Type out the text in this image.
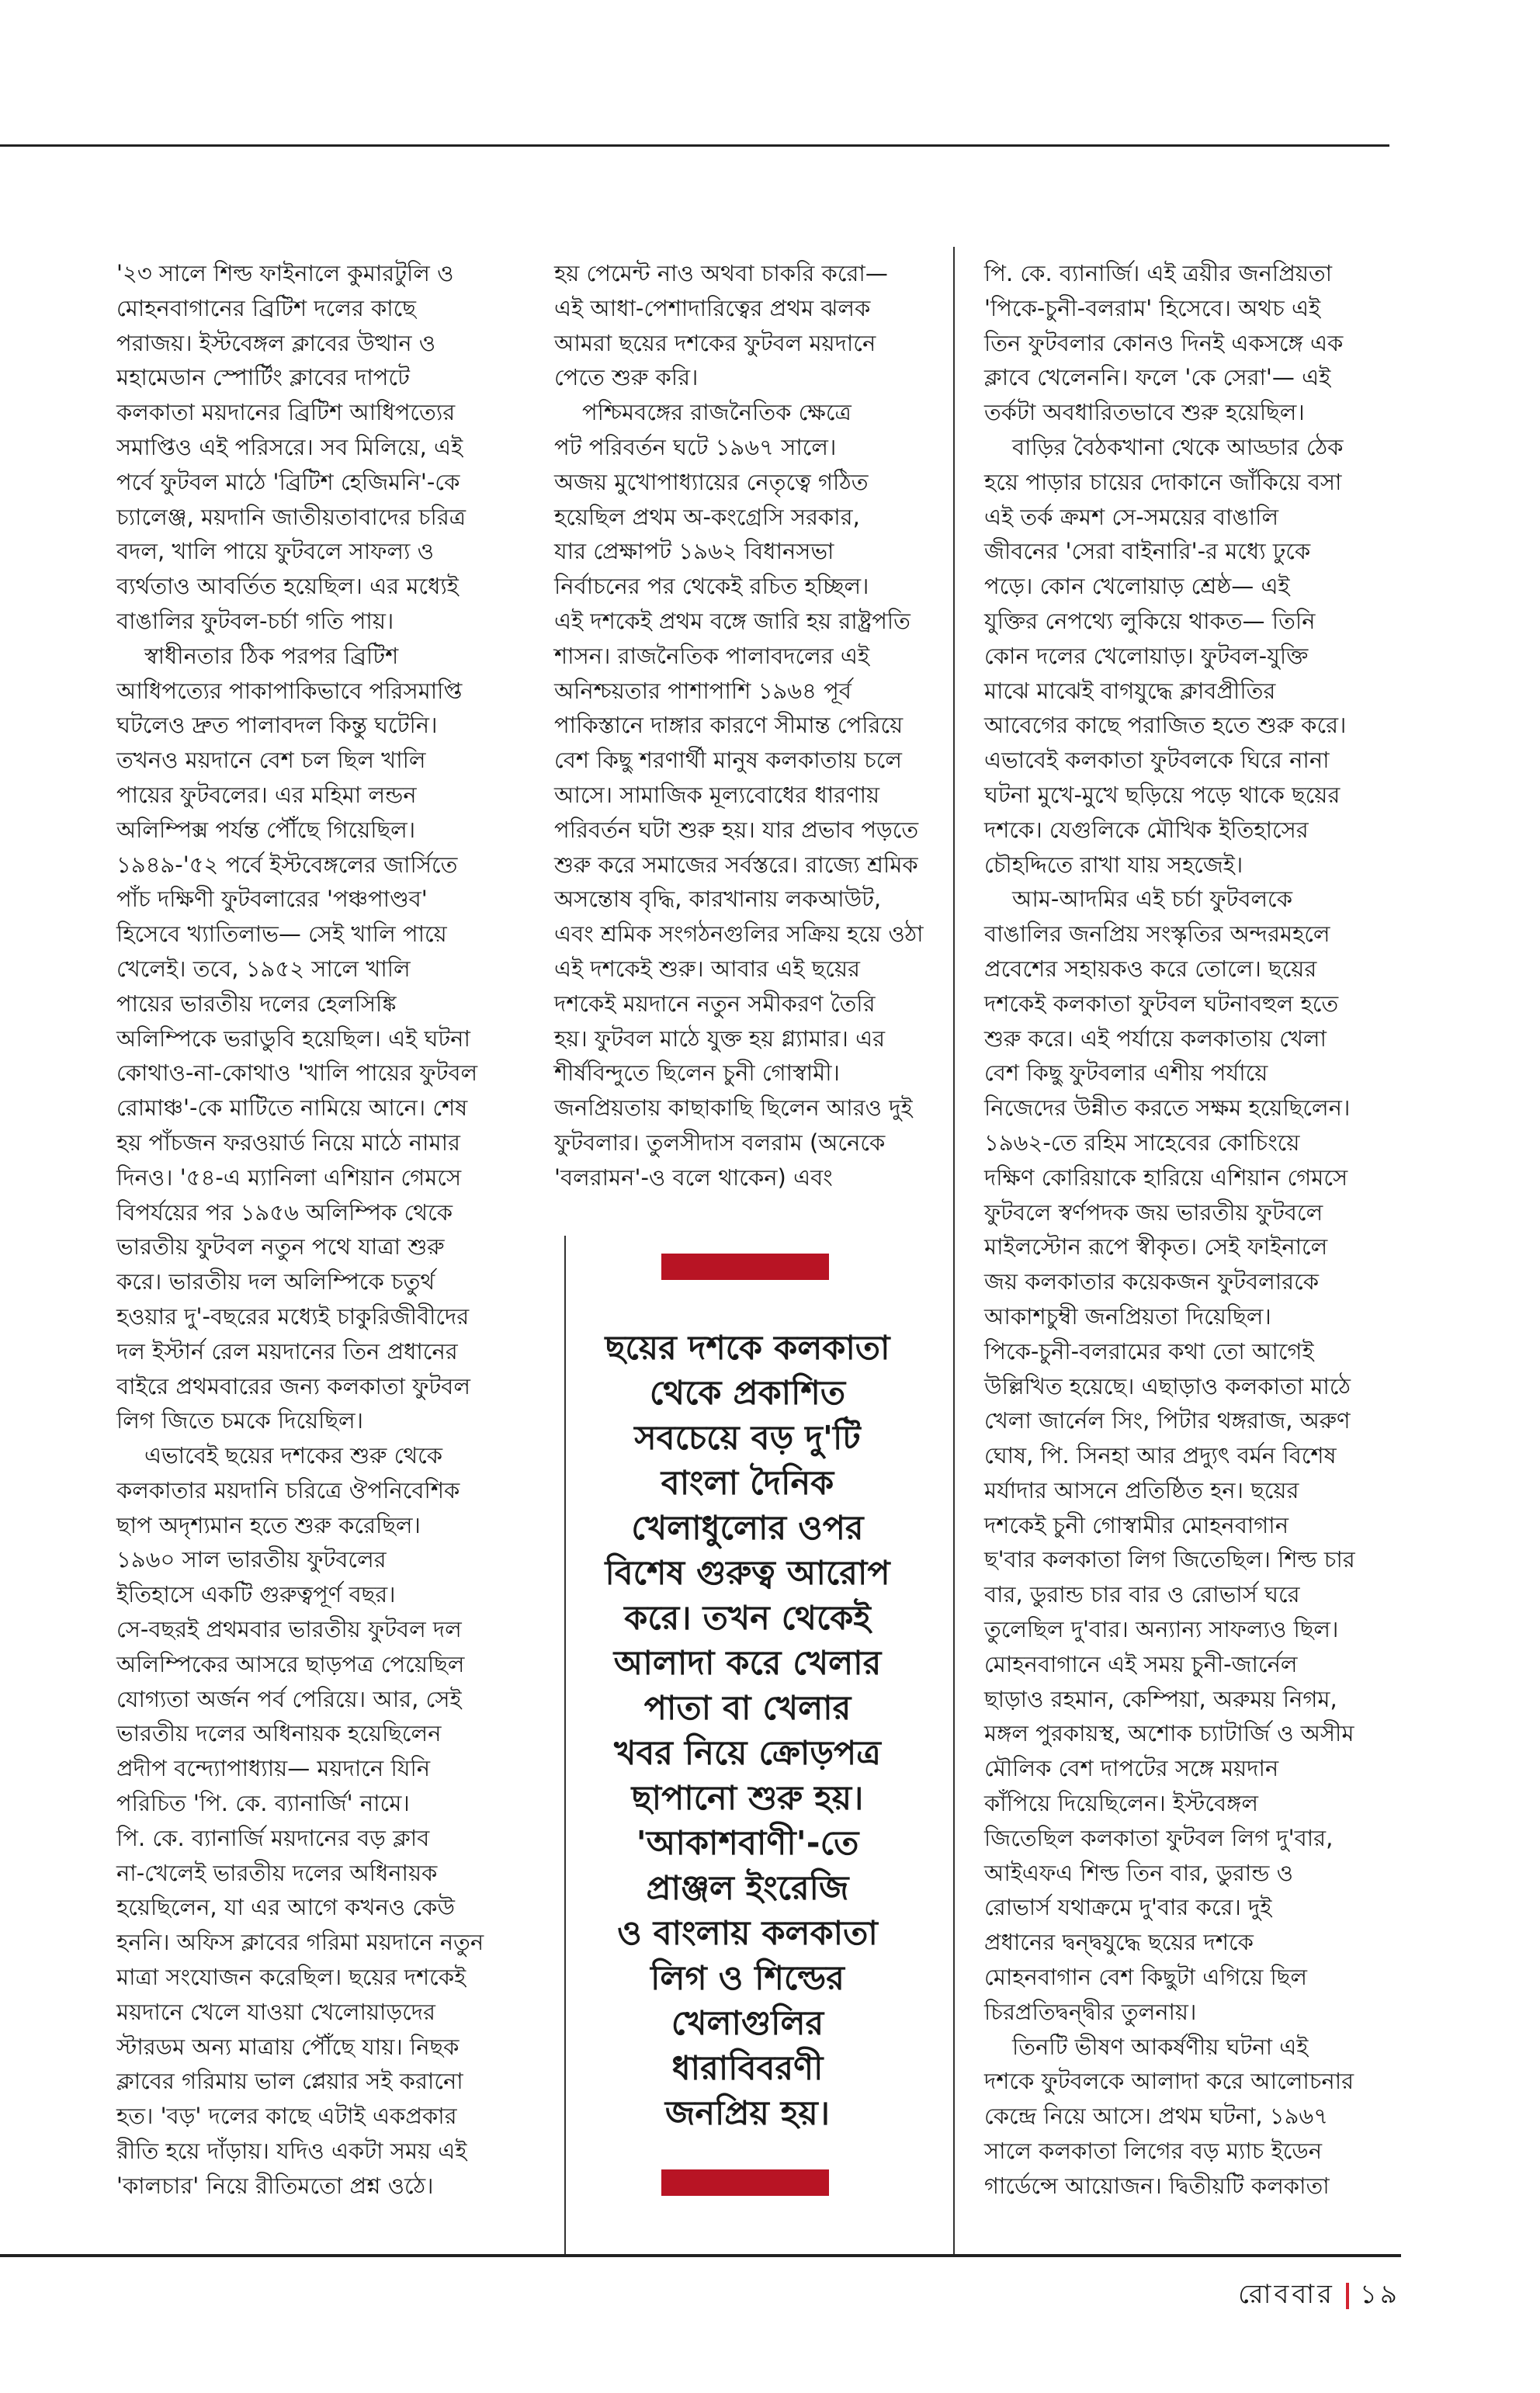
'২৩ সালে শিল্ড ফাইনালে কুমারটুলি ও
মোহনবাগানের ব্রিটিশ দলের কাছে
পরাজয়। ইস্টবেঙ্গল ক্লাবের উত্থান ও
মহামেডান স্পোর্টিং ক্লাবের দাপটে
কলকাতা ময়দানের ব্রিটিশ আধিপত্যের
সমাপ্তিও এই পরিসরে। সব মিলিয়ে, এই
পর্বে ফুটবল মাঠে 'ব্রিটিশ হেজিমনি'-কে
চ্যালেঞ্জ, ময়দানি জাতীয়তাবাদের চরিত্র
বদল, খালি পায়ে ফুটবলে সাফল্য ও
ব্যর্থতাও আবর্তিত হয়েছিল। এর মধ্যেই
বাঙালির ফুটবল-চর্চা গতি পায়।
স্বাধীনতার ঠিক পরপর ব্রিটিশ
আধিপত্যের পাকাপাকিভাবে পরিসমাপ্তি
ঘটলেও দ্রুত পালাবদল কিন্তু ঘটেনি।
তখনও ময়দানে বেশ চল ছিল খালি
পায়ের ফুটবলের। এর মহিমা লন্ডন
অলিম্পিক্স পর্যন্ত পৌঁছে গিয়েছিল।
১৯৪৯-'৫২ পর্বে ইস্টবেঙ্গলের জার্সিতে
পাঁচ দক্ষিণী ফুটবলারের 'পঞ্চপাণ্ডব'
হিসেবে খ্যাতিলাভ— সেই খালি পায়ে
খেলেই। তবে, ১৯৫২ সালে খালি
পায়ের ভারতীয় দলের হেলসিঙ্কি
অলিম্পিকে ভরাডুবি হয়েছিল। এই ঘটনা
কোথাও-না-কোথাও 'খালি পায়ের ফুটবল
রোমাঞ্চ'-কে মাটিতে নামিয়ে আনে। শেষ
হয় পাঁচজন ফরওয়ার্ড নিয়ে মাঠে নামার
দিনও। '৫৪-এ ম্যানিলা এশিয়ান গেমসে
বিপর্যয়ের পর ১৯৫৬ অলিম্পিক থেকে
ভারতীয় ফুটবল নতুন পথে যাত্রা শুরু
করে। ভারতীয় দল অলিম্পিকে চতুর্থ
হওয়ার দু'-বছরের মধ্যেই চাকুরিজীবীদের
দল ইস্টার্ন রেল ময়দানের তিন প্রধানের
বাইরে প্রথমবারের জন্য কলকাতা ফুটবল
লিগ জিতে চমকে দিয়েছিল।
এভাবেই ছয়ের দশকের শুরু থেকে
কলকাতার ময়দানি চরিত্রে ঔপনিবেশিক
ছাপ অদৃশ্যমান হতে শুরু করেছিল।
১৯৬০ সাল ভারতীয় ফুটবলের
ইতিহাসে একটি গুরুত্বপূর্ণ বছর।
সে-বছরই প্রথমবার ভারতীয় ফুটবল দল
অলিম্পিকের আসরে ছাড়পত্র পেয়েছিল
যোগ্যতা অর্জন পর্ব পেরিয়ে। আর, সেই
ভারতীয় দলের অধিনায়ক হয়েছিলেন
প্রদীপ বন্দ্যোপাধ্যায়— ময়দানে যিনি
পরিচিত 'পি. কে. ব্যানার্জি' নামে।
পি. কে. ব্যানার্জি ময়দানের বড় ক্লাব
না-খেলেই ভারতীয় দলের অধিনায়ক
হয়েছিলেন, যা এর আগে কখনও কেউ
হননি। অফিস ক্লাবের গরিমা ময়দানে নতুন
মাত্রা সংযোজন করেছিল। ছয়ের দশকেই
ময়দানে খেলে যাওয়া খেলোয়াড়দের
স্টারডম অন্য মাত্রায় পৌঁছে যায়। নিছক
ক্লাবের গরিমায় ভাল প্লেয়ার সই করানো
হত। 'বড়' দলের কাছে এটাই একপ্রকার
রীতি হয়ে দাঁড়ায়। যদিও একটা সময় এই
'কালচার' নিয়ে রীতিমতো প্রশ্ন ওঠে।
হয় পেমেন্ট নাও অথবা চাকরি করো—
এই আধা-পেশাদারিত্বের প্রথম ঝলক
আমরা ছয়ের দশকের ফুটবল ময়দানে
পেতে শুরু করি।
পশ্চিমবঙ্গের রাজনৈতিক ক্ষেত্রে
পট পরিবর্তন ঘটে ১৯৬৭ সালে।
অজয় মুখোপাধ্যায়ের নেতৃত্বে গঠিত
হয়েছিল প্রথম অ-কংগ্রেসি সরকার,
যার প্রেক্ষাপট ১৯৬২ বিধানসভা
নির্বাচনের পর থেকেই রচিত হচ্ছিল।
এই দশকেই প্রথম বঙ্গে জারি হয় রাষ্ট্রপতি
শাসন। রাজনৈতিক পালাবদলের এই
অনিশ্চয়তার পাশাপাশি ১৯৬৪ পূর্ব
পাকিস্তানে দাঙ্গার কারণে সীমান্ত পেরিয়ে
বেশ কিছু শরণার্থী মানুষ কলকাতায় চলে
আসে। সামাজিক মূল্যবোধের ধারণায়
পরিবর্তন ঘটা শুরু হয়। যার প্রভাব পড়তে
শুরু করে সমাজের সর্বস্তরে। রাজ্যে শ্রমিক
অসন্তোষ বৃদ্ধি, কারখানায় লকআউট,
এবং শ্রমিক সংগঠনগুলির সক্রিয় হয়ে ওঠা
এই দশকেই শুরু। আবার এই ছয়ের
দশকেই ময়দানে নতুন সমীকরণ তৈরি
হয়। ফুটবল মাঠে যুক্ত হয় গ্ল্যামার। এর
শীর্ষবিন্দুতে ছিলেন চুনী গোস্বামী।
জনপ্রিয়তায় কাছাকাছি ছিলেন আরও দুই
ফুটবলার। তুলসীদাস বলরাম (অনেকে
'বলরামন'-ও বলে থাকেন) এবং
পি. কে. ব্যানার্জি। এই ত্রয়ীর জনপ্রিয়তা
'পিকে-চুনী-বলরাম' হিসেবে। অথচ এই
তিন ফুটবলার কোনও দিনই একসঙ্গে এক
ক্লাবে খেলেননি। ফলে 'কে সেরা'— এই
তর্কটা অবধারিতভাবে শুরু হয়েছিল।
বাড়ির বৈঠকখানা থেকে আড্ডার ঠেক
হয়ে পাড়ার চায়ের দোকানে জাঁকিয়ে বসা
এই তর্ক ক্রমশ সে-সময়ের বাঙালি
জীবনের 'সেরা বাইনারি'-র মধ্যে ঢুকে
পড়ে। কোন খেলোয়াড় শ্রেষ্ঠ— এই
যুক্তির নেপথ্যে লুকিয়ে থাকত— তিনি
কোন দলের খেলোয়াড়। ফুটবল-যুক্তি
মাঝে মাঝেই বাগযুদ্ধে ক্লাবপ্রীতির
আবেগের কাছে পরাজিত হতে শুরু করে।
এভাবেই কলকাতা ফুটবলকে ঘিরে নানা
ঘটনা মুখে-মুখে ছড়িয়ে পড়ে থাকে ছয়ের
দশকে। যেগুলিকে মৌখিক ইতিহাসের
চৌহদ্দিতে রাখা যায় সহজেই।
আম-আদমির এই চর্চা ফুটবলকে
বাঙালির জনপ্রিয় সংস্কৃতির অন্দরমহলে
প্রবেশের সহায়কও করে তোলে। ছয়ের
দশকেই কলকাতা ফুটবল ঘটনাবহুল হতে
শুরু করে। এই পর্যায়ে কলকাতায় খেলা
বেশ কিছু ফুটবলার এশীয় পর্যায়ে
নিজেদের উন্নীত করতে সক্ষম হয়েছিলেন।
১৯৬২-তে রহিম সাহেবের কোচিংয়ে
দক্ষিণ কোরিয়াকে হারিয়ে এশিয়ান গেমসে
ফুটবলে স্বর্ণপদক জয় ভারতীয় ফুটবলে
মাইলস্টোন রূপে স্বীকৃত। সেই ফাইনালে
জয় কলকাতার কয়েকজন ফুটবলারকে
আকাশচুম্বী জনপ্রিয়তা দিয়েছিল।
পিকে-চুনী-বলরামের কথা তো আগেই
উল্লিখিত হয়েছে। এছাড়াও কলকাতা মাঠে
খেলা জার্নেল সিং, পিটার থঙ্গরাজ, অরুণ
ঘোষ, পি. সিনহা আর প্রদ্যুৎ বর্মন বিশেষ
মর্যাদার আসনে প্রতিষ্ঠিত হন। ছয়ের
দশকেই চুনী গোস্বামীর মোহনবাগান
ছ'বার কলকাতা লিগ জিতেছিল। শিল্ড চার
বার, ডুরান্ড চার বার ও রোভার্স ঘরে
তুলেছিল দু'বার। অন্যান্য সাফল্যও ছিল।
মোহনবাগানে এই সময় চুনী-জার্নেল
ছাড়াও রহমান, কেম্পিয়া, অরুময় নিগম,
মঙ্গল পুরকায়স্থ, অশোক চ্যাটার্জি ও অসীম
মৌলিক বেশ দাপটের সঙ্গে ময়দান
কাঁপিয়ে দিয়েছিলেন। ইস্টবেঙ্গল
জিতেছিল কলকাতা ফুটবল লিগ দু'বার,
আইএফএ শিল্ড তিন বার, ডুরান্ড ও
রোভার্স যথাক্রমে দু'বার করে। দুই
প্রধানের দ্বন্দ্বযুদ্ধে ছয়ের দশকে
মোহনবাগান বেশ কিছুটা এগিয়ে ছিল
চিরপ্রতিদ্বন্দ্বীর তুলনায়।
তিনটি ভীষণ আকর্ষণীয় ঘটনা এই
দশকে ফুটবলকে আলাদা করে আলোচনার
কেন্দ্রে নিয়ে আসে। প্রথম ঘটনা, ১৯৬৭
সালে কলকাতা লিগের বড় ম্যাচ ইডেন
গার্ডেন্সে আয়োজন। দ্বিতীয়টি কলকাতা
ছয়ের দশকে কলকাতা
থেকে প্রকাশিত
সবচেয়ে বড় দু'টি
বাংলা দৈনিক
খেলাধুলোর ওপর
বিশেষ গুরুত্ব আরোপ
করে। তখন থেকেই
আলাদা করে খেলার
পাতা বা খেলার
খবর নিয়ে ক্রোড়পত্র
ছাপানো শুরু হয়।
'আকাশবাণী'-তে
প্রাঞ্জল ইংরেজি
ও বাংলায় কলকাতা
লিগ ও শিল্ডের
খেলাগুলির
ধারাবিবরণী
জনপ্রিয় হয়।
রোববার ১৯
